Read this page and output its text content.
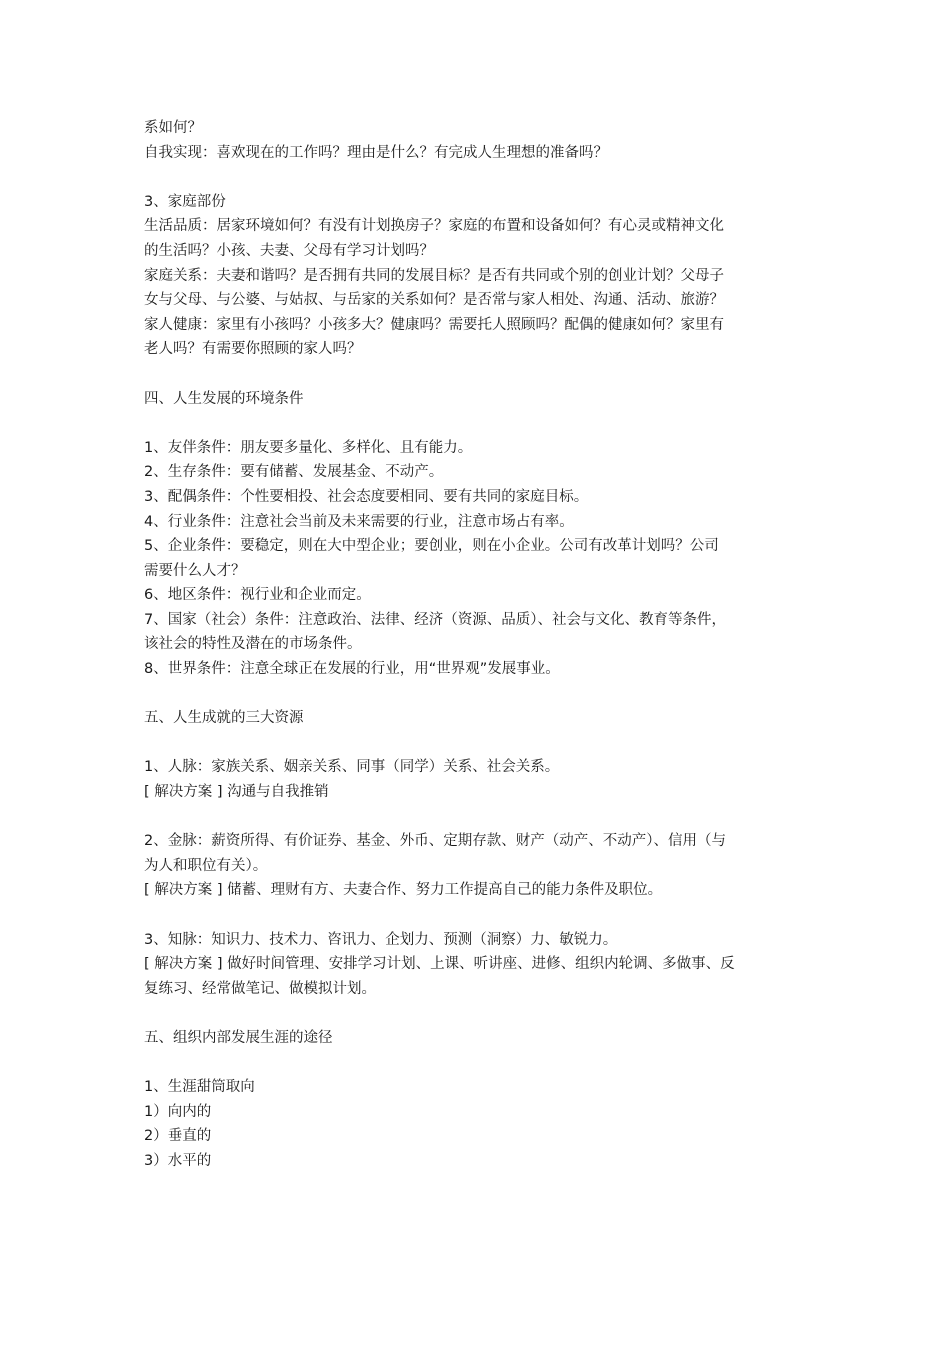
系如何？
自我实现：喜欢现在的工作吗？理由是什么？有完成人生理想的准备吗？
3、家庭部份
生活品质：居家环境如何？有没有计划换房子？家庭的布置和设备如何？有心灵或精神文化
的生活吗？小孩、夫妻、父母有学习计划吗？
家庭关系：夫妻和谐吗？是否拥有共同的发展目标？是否有共同或个别的创业计划？父母子
女与父母、与公婆、与姑叔、与岳家的关系如何？是否常与家人相处、沟通、活动、旅游？
家人健康：家里有小孩吗？小孩多大？健康吗？需要托人照顾吗？配偶的健康如何？家里有
老人吗？有需要你照顾的家人吗？
四、人生发展的环境条件
1、友伴条件：朋友要多量化、多样化、且有能力。
2、生存条件：要有储蓄、发展基金、不动产。
3、配偶条件：个性要相投、社会态度要相同、要有共同的家庭目标。
4、行业条件：注意社会当前及未来需要的行业，注意市场占有率。
5、企业条件：要稳定，则在大中型企业；要创业，则在小企业。公司有改革计划吗？公司
需要什么人才？
6、地区条件：视行业和企业而定。
7、国家（社会）条件：注意政治、法律、经济（资源、品质）、社会与文化、教育等条件，
该社会的特性及潜在的市场条件。
8、世界条件：注意全球正在发展的行业，用“世界观”发展事业。
五、人生成就的三大资源
1、人脉：家族关系、姻亲关系、同事（同学）关系、社会关系。
[ 解决方案 ] 沟通与自我推销
2、金脉：薪资所得、有价证券、基金、外币、定期存款、财产（动产、不动产）、信用（与
为人和职位有关）。
[ 解决方案 ] 储蓄、理财有方、夫妻合作、努力工作提高自己的能力条件及职位。
3、知脉：知识力、技术力、咨讯力、企划力、预测（洞察）力、敏锐力。
[ 解决方案 ] 做好时间管理、安排学习计划、上课、听讲座、进修、组织内轮调、多做事、反
复练习、经常做笔记、做模拟计划。
五、组织内部发展生涯的途径
1、生涯甜筒取向
1）向内的
2）垂直的
3）水平的
